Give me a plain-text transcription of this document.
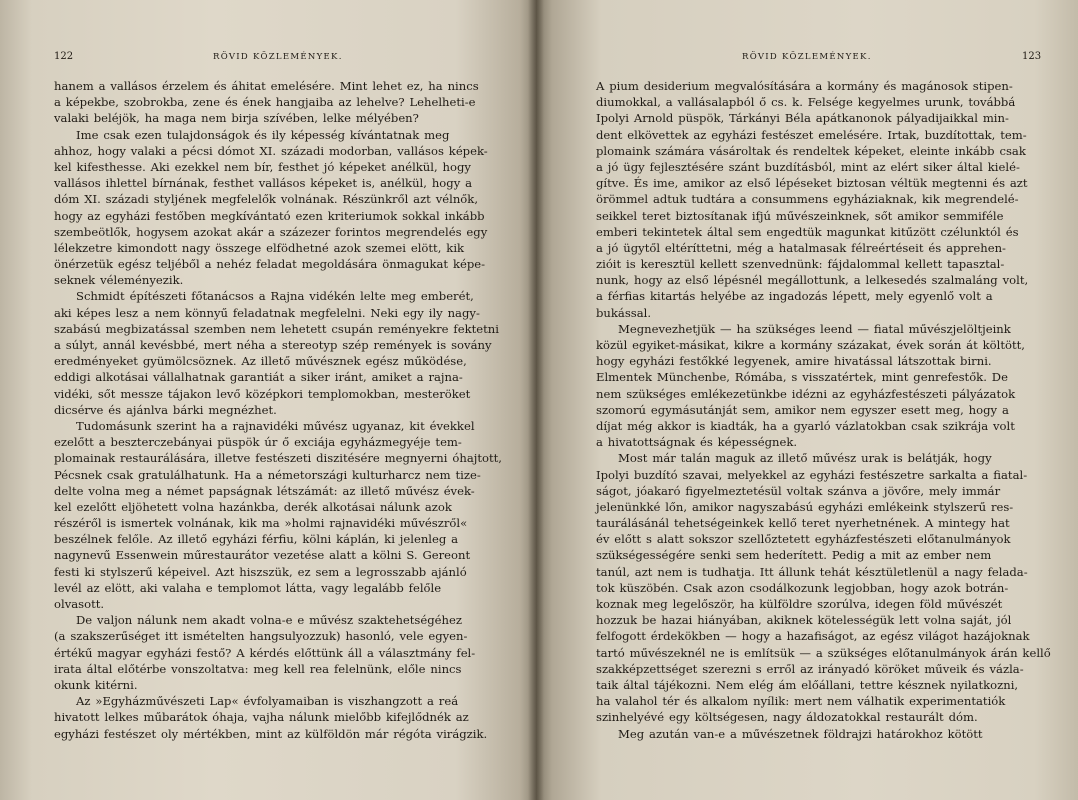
122	RÖVID KÖZLEMÉNYEK.
hanem a vallásos érzelem és áhitat emelésére. Mint lehet ez, ha nincs
a képekbe, szobrokba, zene és ének hangjaiba az lehelve? Lehelheti-e
valaki beléjök, ha maga nem birja szívében, lelke mélyében?
Ime csak ezen tulajdonságok és ily képesség kívántatnak meg
ahhoz, hogy valaki a pécsi dómot XI. századi modorban, vallásos képek-
kel kifesthesse. Aki ezekkel nem bír, festhet jó képeket anélkül, hogy
vallásos ihlettel bírnának, festhet vallásos képeket is, anélkül, hogy a
dóm XI. századi styljének megfelelők volnának. Részünkről azt vélnők,
hogy az egyházi festőben megkívántató ezen kriteriumok sokkal inkább
szembeötlők, hogysem azokat akár a százezer forintos megrendelés egy
lélekzetre kimondott nagy összege elfödhetné azok szemei elött, kik
önérzetük egész teljéből a nehéz feladat megoldására önmagukat képe-
seknek véleményezik.
Schmidt építészeti főtanácsos a Rajna vidékén lelte meg emberét,
aki képes lesz a nem könnyű feladatnak megfelelni. Neki egy ily nagy-
szabású megbizatással szemben nem lehetett csupán reményekre fektetni
a súlyt, annál kevésbbé, mert néha a stereotyp szép remények is sovány
eredményeket gyümölcsöznek. Az illető művésznek egész működése,
eddigi alkotásai vállalhatnak garantiát a siker iránt, amiket a rajna-
vidéki, sőt messze tájakon levő középkori templomokban, mesteröket
dicsérve és ajánlva bárki megnézhet.
Tudomásunk szerint ha a rajnavidéki művész ugyanaz, kit évekkel
ezelőtt a beszterczebányai püspök úr ő exciája egyházmegyéje tem-
plomainak restaurálására, illetve festészeti diszitésére megnyerni óhajtott,
Pécsnek csak gratulálhatunk. Ha a németországi kulturharcz nem tize-
delte volna meg a német papságnak létszámát: az illető művész évek-
kel ezelőtt eljöhetett volna hazánkba, derék alkotásai nálunk azok
részéről is ismertek volnának, kik ma »holmi rajnavidéki művészről«
beszélnek felőle. Az illető egyházi férfiu, kölni káplán, ki jelenleg a
nagynevű Essenwein műrestaurátor vezetése alatt a kölni S. Gereont
festi ki stylszerű képeivel. Azt hiszszük, ez sem a legrosszabb ajánló
levél az elött, aki valaha e templomot látta, vagy legalább felőle
olvasott.
De valjon nálunk nem akadt volna-e e művész szaktehetségéhez
(a szakszerűséget itt ismételten hangsulyozzuk) hasonló, vele egyen-
értékű magyar egyházi festő? A kérdés előttünk áll a választmány fel-
irata által előtérbe vonszoltatva: meg kell rea felelnünk, előle nincs
okunk kitérni.
Az »Egyházművészeti Lap« évfolyamaiban is viszhangzott a reá
hivatott lelkes műbarátok óhaja, vajha nálunk mielőbb kifejlődnék az
egyházi festészet oly mértékben, mint az külföldön már régóta virágzik.
RÖVID KÖZLEMÉNYEK.	123
A pium desiderium megvalósítására a kormány és magánosok stipen-
diumokkal, a vallásalapból ő cs. k. Felsége kegyelmes urunk, továbbá
Ipolyi Arnold püspök, Tárkányi Béla apátkanonok pályadijaikkal min-
dent elkövettek az egyházi festészet emelésére. Irtak, buzdítottak, tem-
plomaink számára vásároltak és rendeltek képeket, eleinte inkább csak
a jó ügy fejlesztésére szánt buzdításból, mint az elért siker által kielé-
gítve. És ime, amikor az első lépéseket biztosan véltük megtenni és azt
örömmel adtuk tudtára a consummens egyháziaknak, kik megrendelé-
seikkel teret biztosítanak ifjú művészeinknek, sőt amikor semmiféle
emberi tekintetek által sem engedtük magunkat kitűzött czélunktól és
a jó ügytől eltéríttetni, még a hatalmasak félreértéseit és apprehen-
zióit is keresztül kellett szenvednünk: fájdalommal kellett tapasztal-
nunk, hogy az első lépésnél megállottunk, a lelkesedés szalmaláng volt,
a férfias kitartás helyébe az ingadozás lépett, mely egyenlő volt a
bukással.
Megnevezhetjük — ha szükséges leend — fiatal művészjelöltjeink
közül egyiket-másikat, kikre a kormány százakat, évek során át költött,
hogy egyházi festőkké legyenek, amire hivatással látszottak birni.
Elmentek Münchenbe, Rómába, s visszatértek, mint genrefestők. De
nem szükséges emlékezetünkbe idézni az egyházfestészeti pályázatok
szomorú egymásutánját sem, amikor nem egyszer esett meg, hogy a
díjat még akkor is kiadták, ha a gyarló vázlatokban csak szikrája volt
a hivatottságnak és képességnek.
Most már talán maguk az illető művész urak is belátják, hogy
Ipolyi buzdító szavai, melyekkel az egyházi festészetre sarkalta a fiatal-
ságot, jóakaró figyelmeztetésül voltak szánva a jövőre, mely immár
jelenünkké lőn, amikor nagyszabású egyházi emlékeink stylszerű res-
taurálásánál tehetségeinkek kellő teret nyerhetnének. A mintegy hat
év előtt s alatt sokszor szellőztetett egyházfestészeti előtanulmányok
szükségességére senki sem hederített. Pedig a mit az ember nem
tanúl, azt nem is tudhatja. Itt állunk tehát késztületlenül a nagy felada-
tok küszöbén. Csak azon csodálkozunk legjobban, hogy azok botrán-
koznak meg legelőször, ha külföldre szorúlva, idegen föld művészét
hozzuk be hazai hiányában, akiknek kötelességük lett volna saját, jól
felfogott érdekökben — hogy a hazafiságot, az egész világot hazájoknak
tartó művészeknél ne is említsük — a szükséges előtanulmányok árán kellő
szakképzettséget szerezni s erről az irányadó köröket műveik és vázla-
taik által tájékozni. Nem elég ám előállani, tettre késznek nyilatkozni,
ha valahol tér és alkalom nyílik: mert nem válhatik experimentatiók
szinhelyévé egy költségesen, nagy áldozatokkal restaurált dóm.
Meg azután van-e a művészetnek földrajzi határokhoz kötött
